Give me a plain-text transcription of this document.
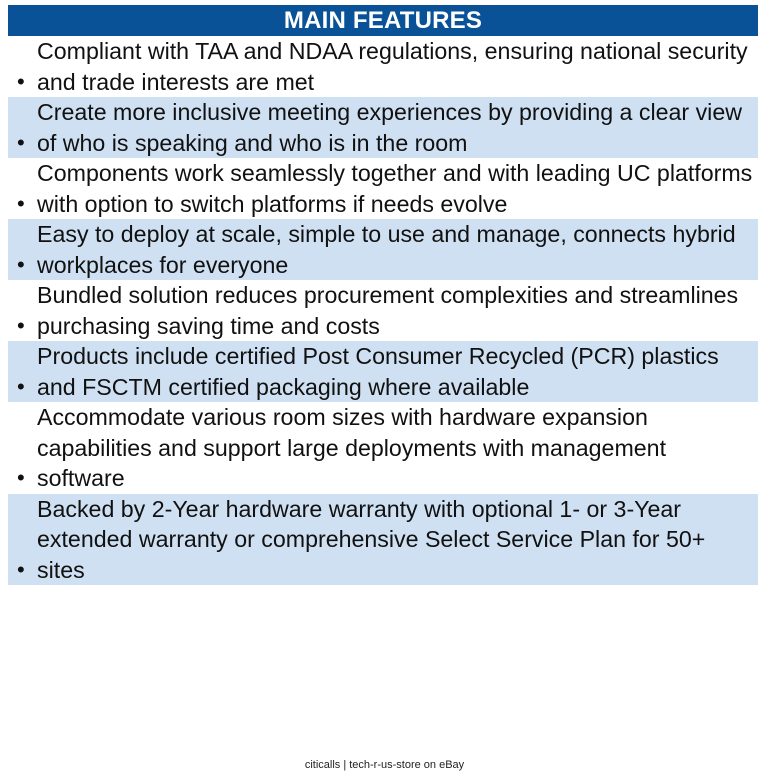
MAIN FEATURES
•
Compliant with TAA and NDAA regulations, ensuring national security and trade interests are met
•
Create more inclusive meeting experiences by providing a clear view of who is speaking and who is in the room
•
Components work seamlessly together and with leading UC platforms with option to switch platforms if needs evolve
•
Easy to deploy at scale, simple to use and manage, connects hybrid workplaces for everyone
•
Bundled solution reduces procurement complexities and streamlines purchasing saving time and costs
•
Products include certified Post Consumer Recycled (PCR) plastics and FSCTM certified packaging where available
•
Accommodate various room sizes with hardware expansion capabilities and support large deployments with management software
•
Backed by 2-Year hardware warranty with optional 1- or 3-Year extended warranty or comprehensive Select Service Plan for 50+ sites
citicalls | tech-r-us-store on eBay
